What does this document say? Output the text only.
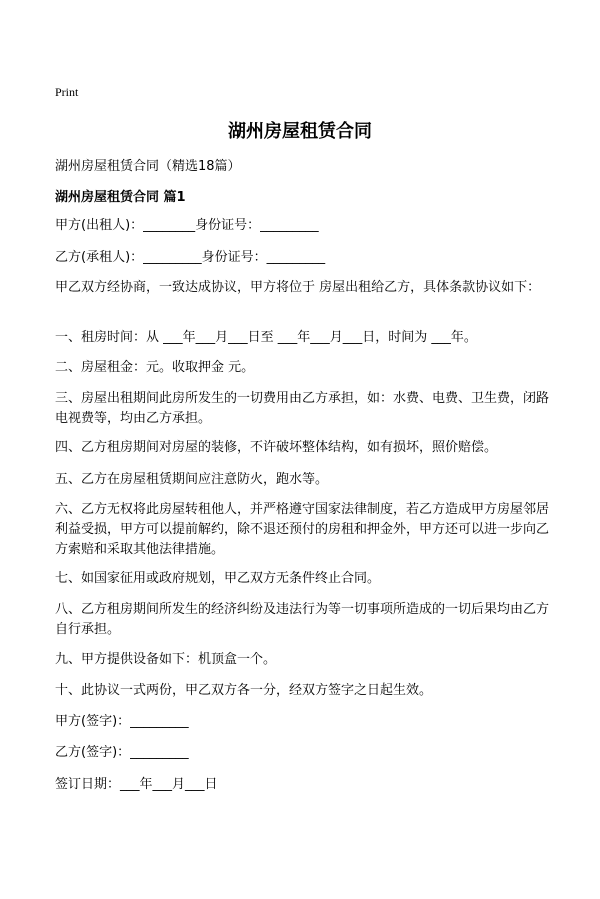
Print
湖州房屋租赁合同
湖州房屋租赁合同（精选18篇）
湖州房屋租赁合同 篇1
甲方(出租人)：________身份证号：_________
乙方(承租人)：_________身份证号：_________
甲乙双方经协商，一致达成协议，甲方将位于 房屋出租给乙方，具体条款协议如下：
一、租房时间：从 ___年___月___日至 ___年___月___日，时间为 ___年。
二、房屋租金：元。收取押金 元。
三、房屋出租期间此房所发生的一切费用由乙方承担，如：水费、电费、卫生费，闭路电视费等，均由乙方承担。
四、乙方租房期间对房屋的装修，不许破坏整体结构，如有损坏，照价赔偿。
五、乙方在房屋租赁期间应注意防火，跑水等。
六、乙方无权将此房屋转租他人，并严格遵守国家法律制度，若乙方造成甲方房屋邻居利益受损，甲方可以提前解约，除不退还预付的房租和押金外，甲方还可以进一步向乙方索赔和采取其他法律措施。
七、如国家征用或政府规划，甲乙双方无条件终止合同。
八、乙方租房期间所发生的经济纠纷及违法行为等一切事项所造成的一切后果均由乙方自行承担。
九、甲方提供设备如下：机顶盒一个。
十、此协议一式两份，甲乙双方各一分，经双方签字之日起生效。
甲方(签字)：_________
乙方(签字)：_________
签订日期：___年___月___日
